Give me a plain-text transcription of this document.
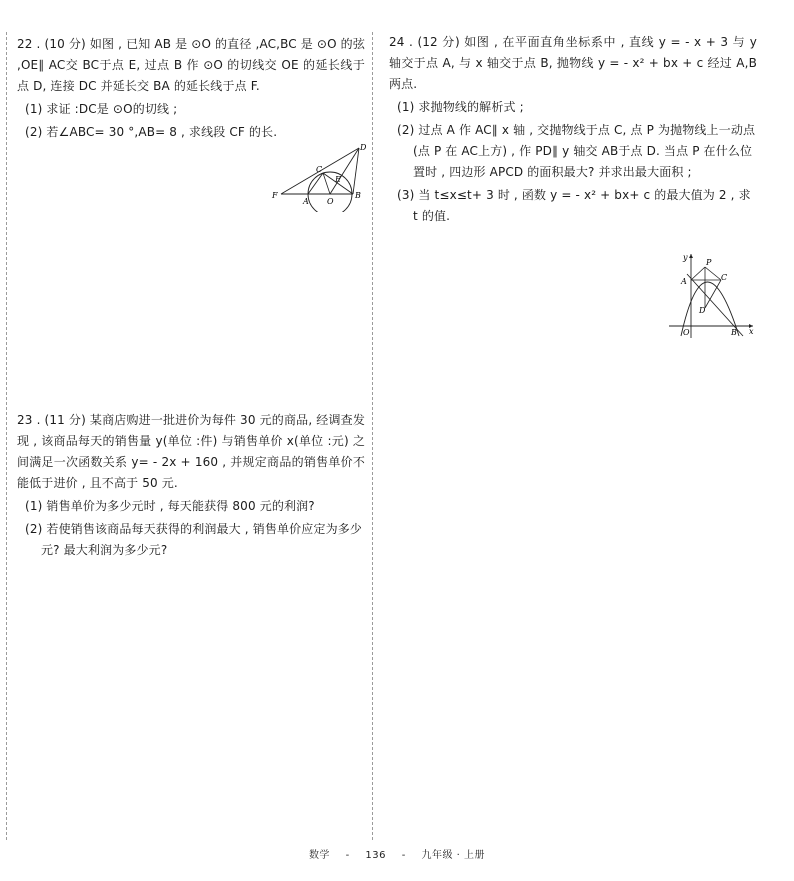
22 . (10 分) 如图 , 已知 AB 是 ⊙O 的直径 ,AC,BC 是 ⊙O 的弦 ,OE∥ AC交 BC于点 E, 过点 B 作 ⊙O 的切线交 OE 的延长线于点 D, 连接 DC 并延长交 BA 的延长线于点 F.
(1) 求证 :DC是 ⊙O的切线 ;
(2) 若∠ABC= 30 °,AB= 8 , 求线段 CF 的长.
D
C
E
F
A O
B
23 . (11 分) 某商店购进一批进价为每件 30 元的商品, 经调查发现 , 该商品每天的销售量 y(单位 :件) 与销售单价 x(单位 :元) 之间满足一次函数关系 y= - 2x + 160 , 并规定商品的销售单价不能低于进价 , 且不高于 50 元.
(1) 销售单价为多少元时 , 每天能获得 800 元的利润?
(2) 若使销售该商品每天获得的利润最大 , 销售单价应定为多少元? 最大利润为多少元?
24 . (12 分) 如图 , 在平面直角坐标系中 , 直线 y = - x + 3 与 y 轴交于点 A, 与 x 轴交于点 B, 抛物线 y = - x² + bx + c 经过 A,B 两点.
(1) 求抛物线的解析式 ;
(2) 过点 A 作 AC∥ x 轴 , 交抛物线于点 C, 点 P 为抛物线上一动点(点 P 在 AC上方) , 作 PD∥ y 轴交 AB于点 D. 当点 P 在什么位置时 , 四边形 APCD 的面积最大? 并求出最大面积 ;
(3) 当 t≤x≤t+ 3 时 , 函数 y = - x² + bx+ c 的最大值为 2 , 求 t 的值.
y
x
A
P
C
D
O	B
数学 - 136 - 九年级 · 上册
